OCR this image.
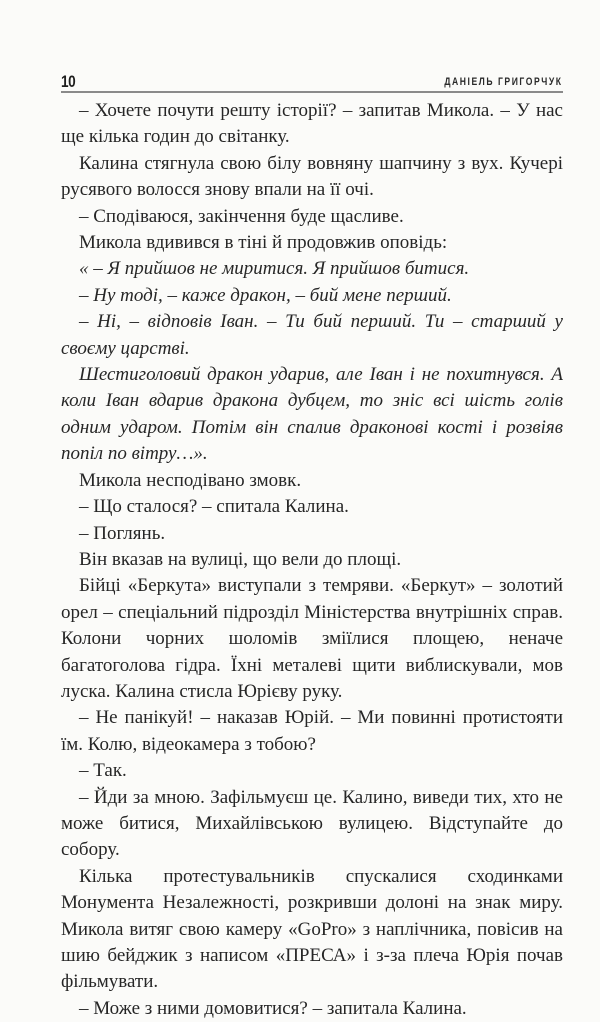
10	ДАНІЕЛЬ ГРИГОРЧУК

– Хочете почути решту історії? – запитав Микола. – У нас ще кілька годин до світанку.

Калина стягнула свою білу вовняну шапчину з вух. Кучері русявого волосся знову впали на її очі.

– Сподіваюся, закінчення буде щасливе.

Микола вдивився в тіні й продовжив оповідь:

« – Я прийшов не миритися. Я прийшов битися.

– Ну тоді, – каже дракон, – бий мене перший.

– Ні, – відповів Іван. – Ти бий перший. Ти – старший у своєму царстві.

Шестиголовий дракон ударив, але Іван і не похитнувся. А коли Іван вдарив дракона дубцем, то зніс всі шість голів одним ударом. Потім він спалив драконові кості і розвіяв попіл по вітру…».

Микола несподівано змовк.

– Що сталося? – спитала Калина.

– Поглянь.

Він вказав на вулиці, що вели до площі.

Бійці «Беркута» виступали з темряви. «Беркут» – золотий орел – спеціальний підрозділ Міністерства внутрішніх справ. Колони чорних шоломів зміїлися площею, неначе багатоголова гідра. Їхні металеві щити виблискували, мов луска. Калина стисла Юрієву руку.

– Не панікуй! – наказав Юрій. – Ми повинні протистояти їм. Колю, відеокамера з тобою?

– Так.

– Йди за мною. Зафільмуєш це. Калино, виведи тих, хто не може битися, Михайлівською вулицею. Відступайте до собору.

Кілька протестувальників спускалися сходинками Монумента Незалежності, розкривши долоні на знак миру. Микола витяг свою камеру «GoPro» з наплічника, повісив на шию бейджик з написом «ПРЕСА» і з-за плеча Юрія почав фільмувати.

– Може з ними домовитися? – запитала Калина.
